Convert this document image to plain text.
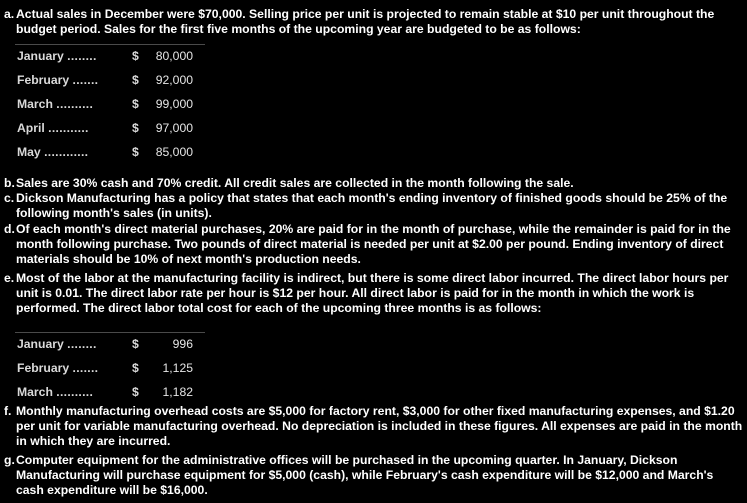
a. Actual sales in December were $70,000. Selling price per unit is projected to remain stable at $10 per unit throughout the budget period. Sales for the first five months of the upcoming year are budgeted to be as follows:
January ........	$ 80,000
February .......	$ 92,000
March ..........	$ 99,000
April ...........	$ 97,000
May ............	$ 85,000
b. Sales are 30% cash and 70% credit. All credit sales are collected in the month following the sale.
c. Dickson Manufacturing has a policy that states that each month's ending inventory of finished goods should be 25% of the following month's sales (in units).
d. Of each month's direct material purchases, 20% are paid for in the month of purchase, while the remainder is paid for in the month following purchase. Two pounds of direct material is needed per unit at $2.00 per pound. Ending inventory of direct materials should be 10% of next month's production needs.
e. Most of the labor at the manufacturing facility is indirect, but there is some direct labor incurred. The direct labor hours per unit is 0.01. The direct labor rate per hour is $12 per hour. All direct labor is paid for in the month in which the work is performed. The direct labor total cost for each of the upcoming three months is as follows:
January ........	$	996
February .......	$ 1,125
March ..........	$ 1,182
f. Monthly manufacturing overhead costs are $5,000 for factory rent, $3,000 for other fixed manufacturing expenses, and $1.20 per unit for variable manufacturing overhead. No depreciation is included in these figures. All expenses are paid in the month in which they are incurred.
g. Computer equipment for the administrative offices will be purchased in the upcoming quarter. In January, Dickson Manufacturing will purchase equipment for $5,000 (cash), while February's cash expenditure will be $12,000 and March's cash expenditure will be $16,000.
